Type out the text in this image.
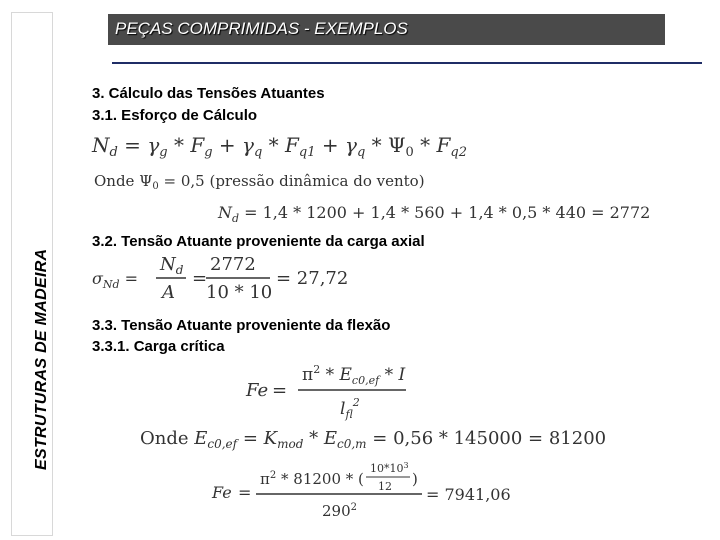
ESTRUTURAS DE MADEIRA
PEÇAS COMPRIMIDAS - EXEMPLOS
3. Cálculo das Tensões Atuantes
3.1. Esforço de Cálculo
$N_d = \gamma_g * F_g + \gamma_q * F_{q1} + \gamma_q * \Psi_0 * F_{q2}$
Onde $\Psi_0 = 0,5$ (pressão dinâmica do vento)
$N_d = 1,4 * 1200 + 1,4 * 560 + 1,4 * 0,5 * 440 = 2772$
3.2. Tensão Atuante proveniente da carga axial
$\sigma_{Nd}$ =
$N_d$
A
=
2772
10 * 10
= 27,72
3.3. Tensão Atuante proveniente da flexão
3.3.1. Carga crítica
Fe =
$\pi^2 * E_{c0,ef}$ * I
$l_{fl}^2$
Onde $E_{c0,ef} = K_{mod} * E_{c0,m} = 0,56 * 145000 = 81200$
Fe =
$\pi^2 * 81200$ * (
$10*10^3$
12 )
$290^2$
= 7941,06
